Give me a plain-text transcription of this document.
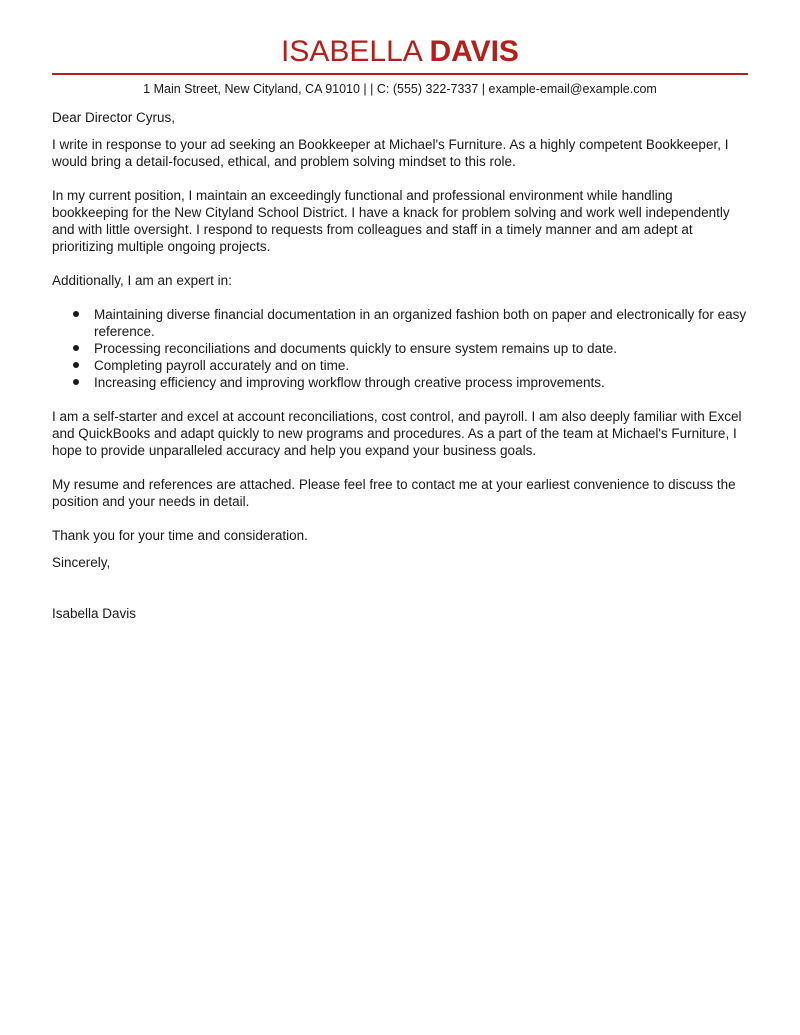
ISABELLA DAVIS
1 Main Street, New Cityland, CA 91010 | | C: (555) 322-7337 | example-email@example.com
Dear Director Cyrus,
I write in response to your ad seeking an Bookkeeper at Michael's Furniture. As a highly competent Bookkeeper, I would bring a detail-focused, ethical, and problem solving mindset to this role.
In my current position, I maintain an exceedingly functional and professional environment while handling bookkeeping for the New Cityland School District. I have a knack for problem solving and work well independently and with little oversight. I respond to requests from colleagues and staff in a timely manner and am adept at prioritizing multiple ongoing projects.
Additionally, I am an expert in:
Maintaining diverse financial documentation in an organized fashion both on paper and electronically for easy reference.
Processing reconciliations and documents quickly to ensure system remains up to date.
Completing payroll accurately and on time.
Increasing efficiency and improving workflow through creative process improvements.
I am a self-starter and excel at account reconciliations, cost control, and payroll. I am also deeply familiar with Excel and QuickBooks and adapt quickly to new programs and procedures. As a part of the team at Michael's Furniture, I hope to provide unparalleled accuracy and help you expand your business goals.
My resume and references are attached. Please feel free to contact me at your earliest convenience to discuss the position and your needs in detail.
Thank you for your time and consideration.
Sincerely,
Isabella Davis
